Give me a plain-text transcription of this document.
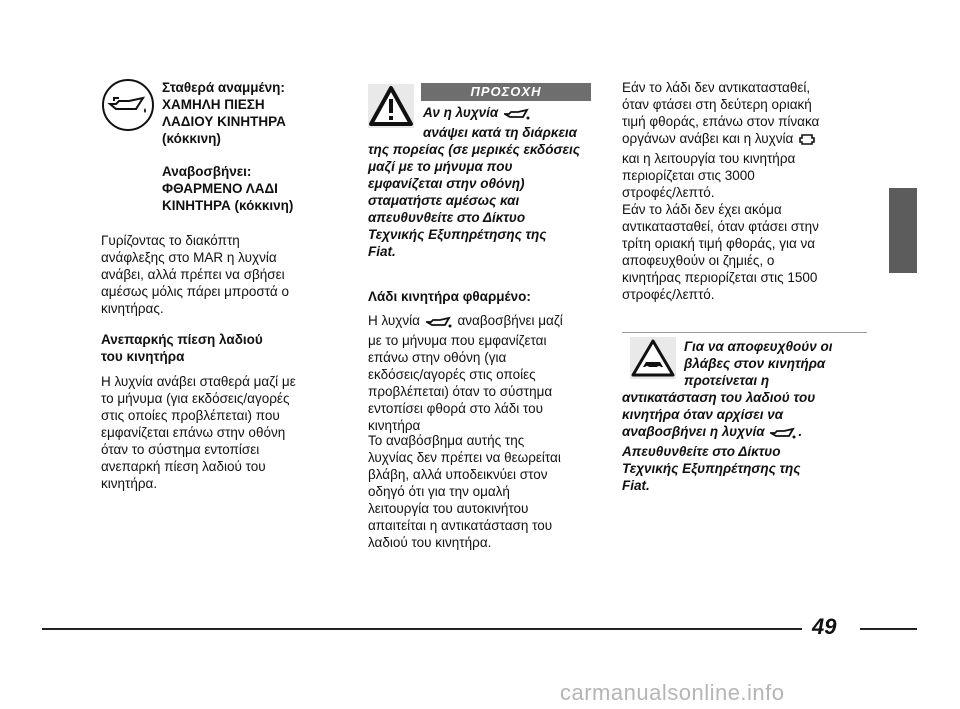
Σταθερά αναμμένη:
ΧΑΜΗΛΗ ΠΙΕΣΗ
ΛΑΔΙΟΥ ΚΙΝΗΤΗΡΑ
(κόκκινη)
Αναβοσβήνει:
ΦΘΑΡΜΕΝΟ ΛΑΔΙ
ΚΙΝΗΤΗΡΑ (κόκκινη)
Γυρίζοντας το διακόπτη
ανάφλεξης στο MAR η λυχνία
ανάβει, αλλά πρέπει να σβήσει
αμέσως μόλις πάρει μπροστά ο
κινητήρας.
Ανεπαρκής πίεση λαδιού
του κινητήρα
Η λυχνία ανάβει σταθερά μαζί με
το μήνυμα (για εκδόσεις/αγορές
στις οποίες προβλέπεται) που
εμφανίζεται επάνω στην οθόνη
όταν το σύστημα εντοπίσει
ανεπαρκή πίεση λαδιού του
κινητήρα.
ΠΡΟΣΟΧΗ
Αν η λυχνία
ανάψει κατά τη διάρκεια
της πορείας (σε μερικές εκδόσεις
μαζί με το μήνυμα που
εμφανίζεται στην οθόνη)
σταματήστε αμέσως και
απευθυνθείτε στο Δίκτυο
Τεχνικής Εξυπηρέτησης της
Fiat.
Λάδι κινητήρα φθαρμένο:
Η λυχνία	αναβοσβήνει μαζί
με το μήνυμα που εμφανίζεται
επάνω στην οθόνη (για
εκδόσεις/αγορές στις οποίες
προβλέπεται) όταν το σύστημα
εντοπίσει φθορά στο λάδι του
κινητήρα
Το αναβόσβημα αυτής της
λυχνίας δεν πρέπει να θεωρείται
βλάβη, αλλά υποδεικνύει στον
οδηγό ότι για την ομαλή
λειτουργία του αυτοκινήτου
απαιτείται η αντικατάσταση του
λαδιού του κινητήρα.
Εάν το λάδι δεν αντικατασταθεί,
όταν φτάσει στη δεύτερη οριακή
τιμή φθοράς, επάνω στον πίνακα
οργάνων ανάβει και η λυχνία
και η λειτουργία του κινητήρα
περιορίζεται στις 3000
στροφές/λεπτό.
Εάν το λάδι δεν έχει ακόμα
αντικατασταθεί, όταν φτάσει στην
τρίτη οριακή τιμή φθοράς, για να
αποφευχθούν οι ζημιές, ο
κινητήρας περιορίζεται στις 1500
στροφές/λεπτό.
Για να αποφευχθούν οι
βλάβες στον κινητήρα
προτείνεται η
αντικατάσταση του λαδιού του
κινητήρα όταν αρχίσει να
αναβοσβήνει η λυχνία	.
Απευθυνθείτε στο Δίκτυο
Τεχνικής Εξυπηρέτησης της
Fiat.
49
carmanualsonline.info
